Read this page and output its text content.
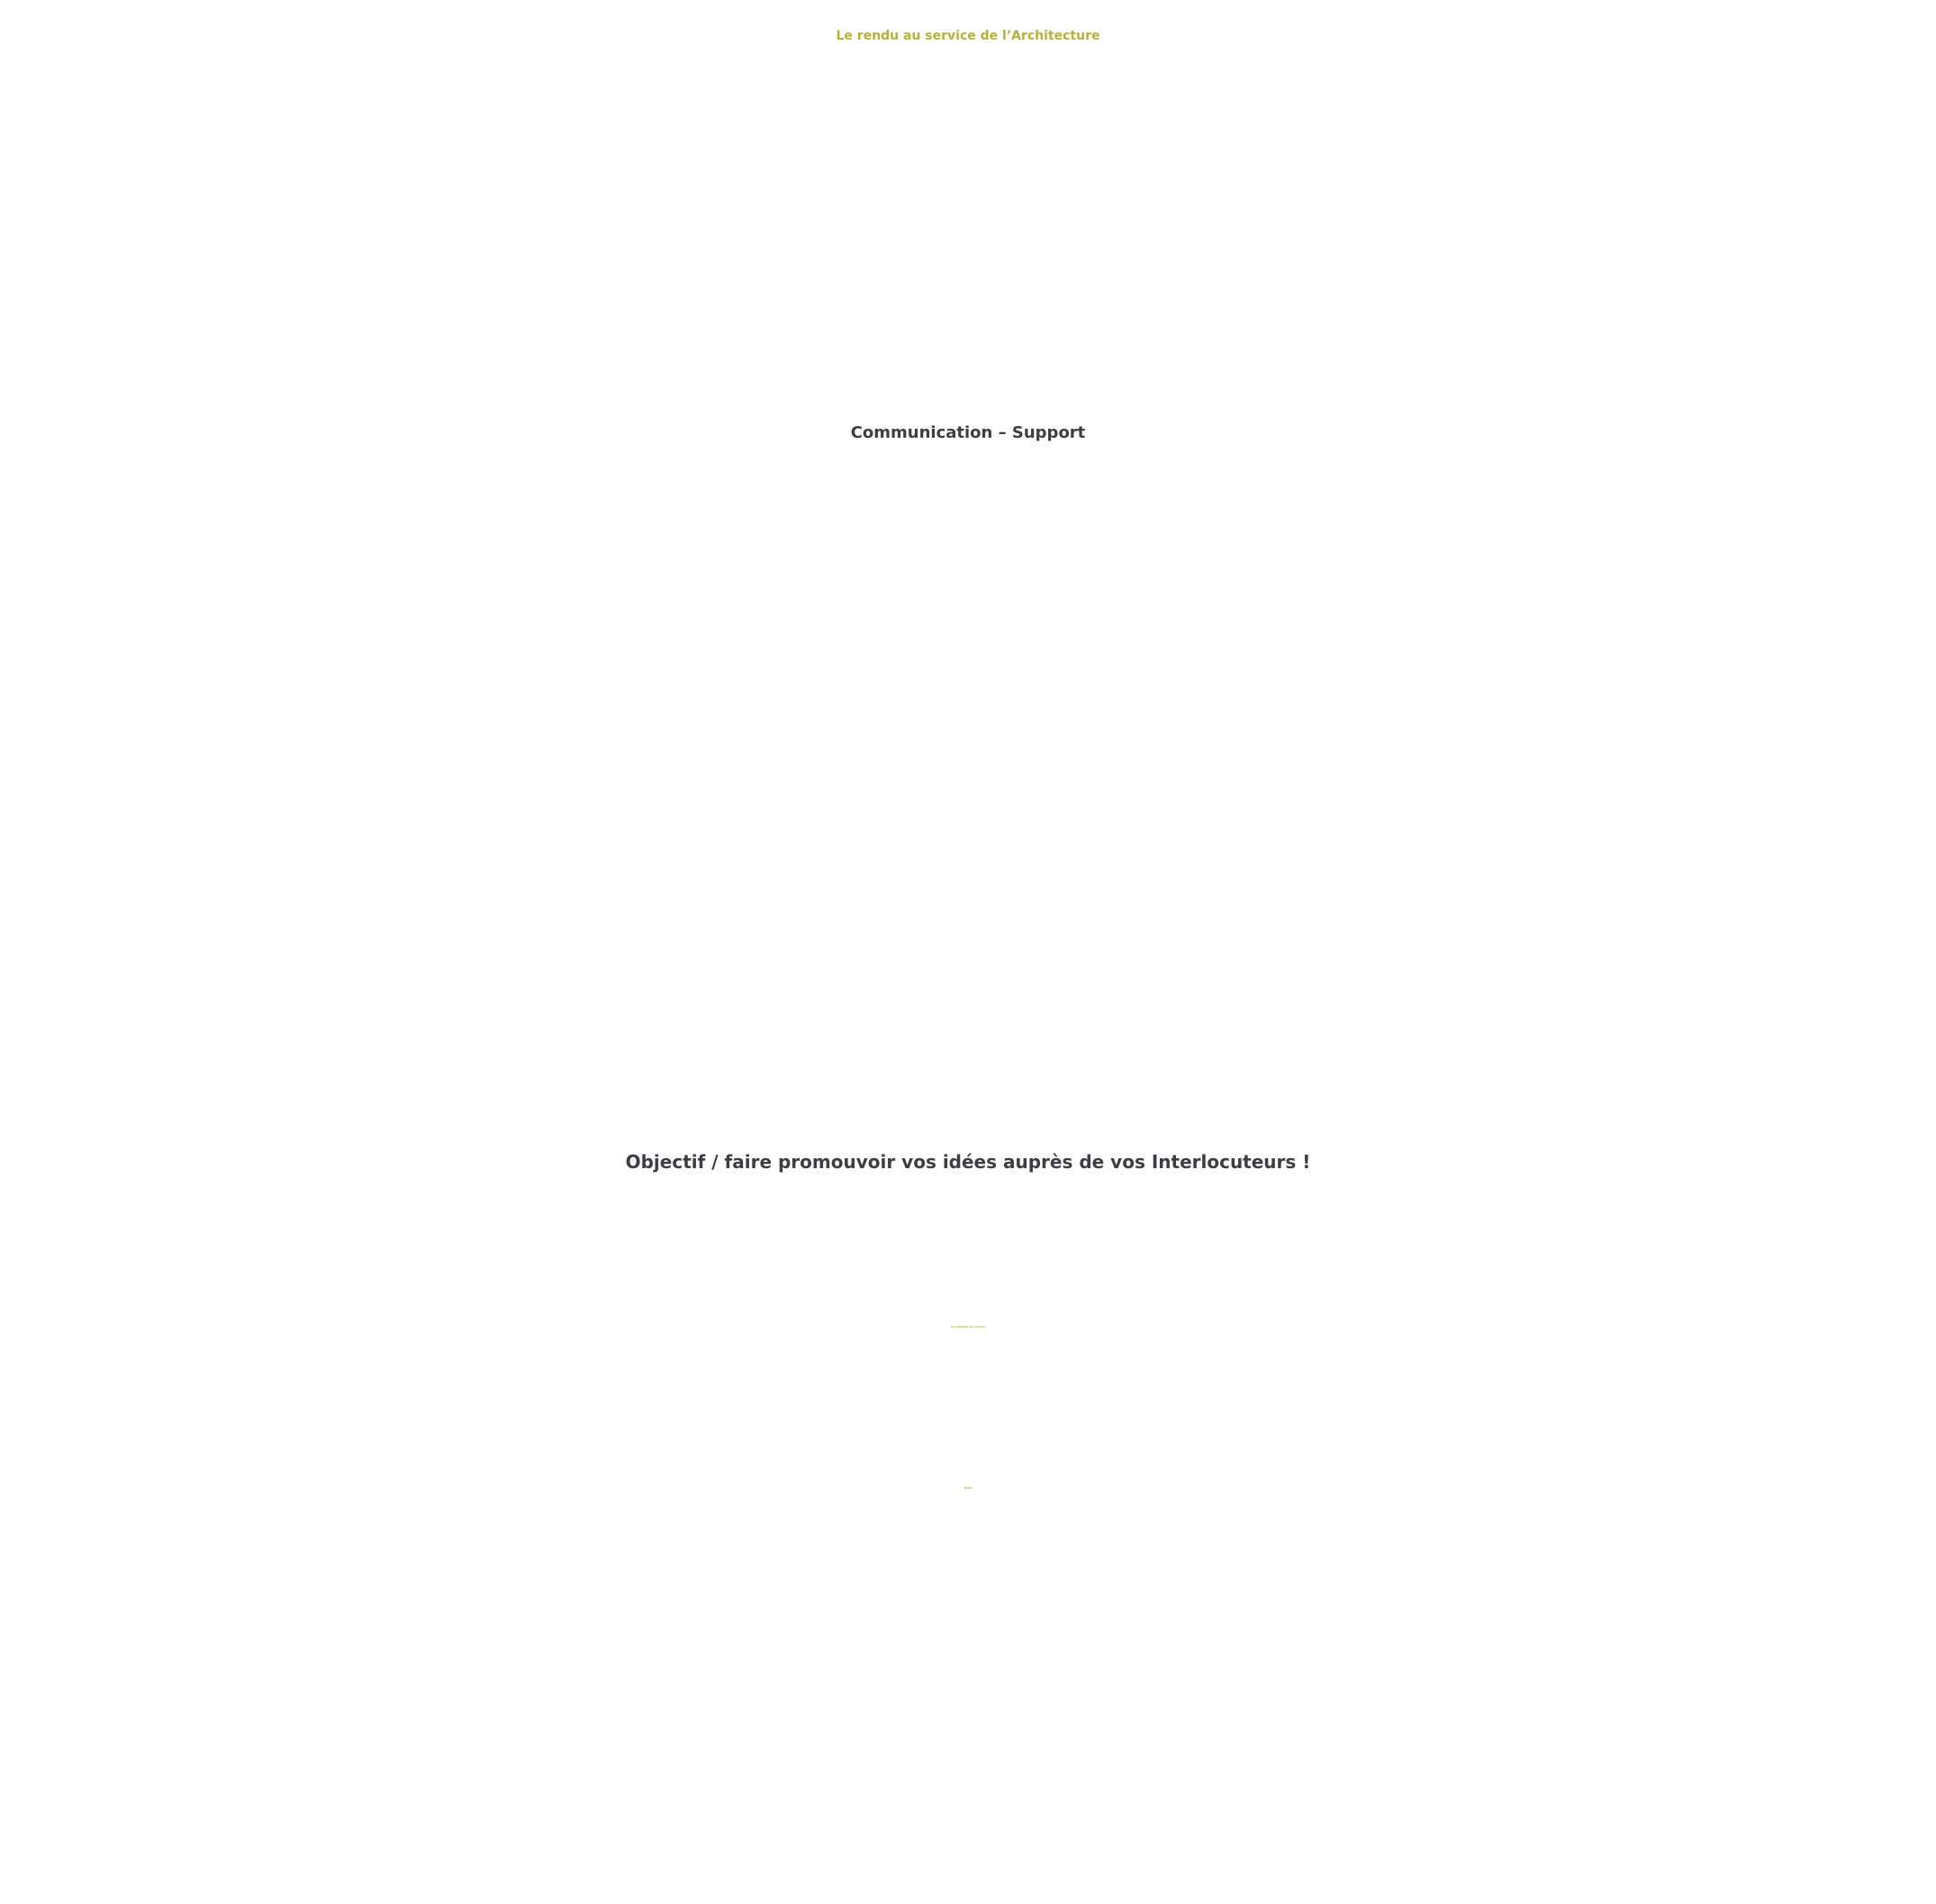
Le rendu au service de l’Architecture
Communication – Support
Objectif / faire promouvoir vos idées auprès de vos Interlocuteurs !
Prestations de service
Tarifs
